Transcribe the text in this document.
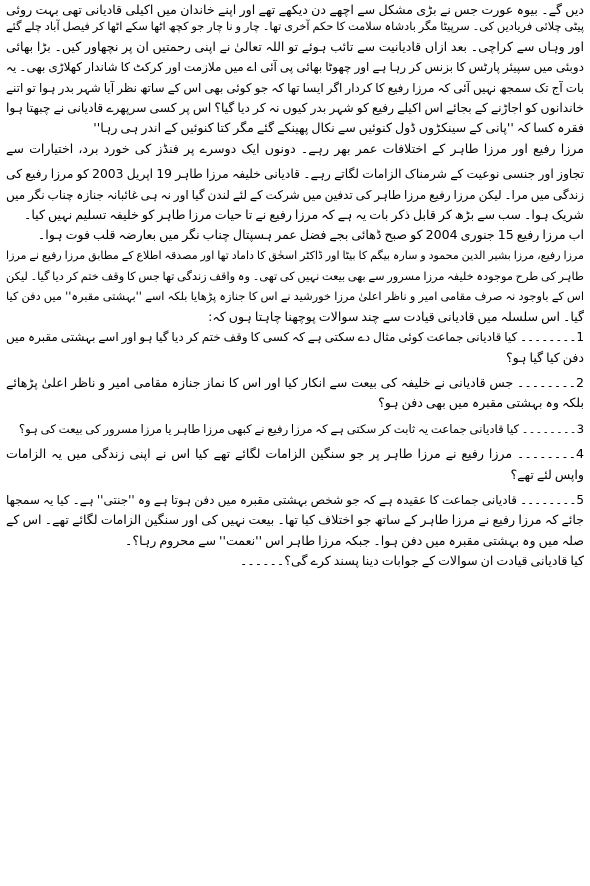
دیں گے۔ بیوہ عورت جس نے بڑی مشکل سے اچھے دن دیکھے تھے اور اپنے خاندان میں اکیلی قادیانی تھی بہت روئی
پیٹی چلائی فریادیں کی۔ سرپیٹا مگر بادشاہ سلامت کا حکم آخری تھا۔ چار و نا چار جو کچھ اٹھا سکے اٹھا کر فیصل آباد چلے گئے
اور وہاں سے کراچی۔ بعد ازاں قادیانیت سے تائب ہوئے تو اللہ تعالیٰ نے اپنی رحمتیں ان پر نچھاور کیں۔ بڑا بھائی
دوبئی میں سپیئر پارٹس کا بزنس کر رہا ہے اور چھوٹا بھائی پی آئی اے میں ملازمت اور کرکٹ کا شاندار کھلاڑی بھی۔ یہ
بات آج تک سمجھ نہیں آئی کہ مرزا رفیع کا کردار اگر ایسا تھا کہ جو کوئی بھی اس کے ساتھ نظر آیا شہر بدر ہوا تو اتنے
خاندانوں کو اجاڑنے کے بجائے اس اکیلے رفیع کو شہر بدر کیوں نہ کر دیا گیا؟ اس پر کسی سرپھرے قادیانی نے چبھتا ہوا
فقرہ کسا کہ ''پانی کے سینکڑوں ڈول کنوئیں سے نکال پھینکے گئے مگر کتا کنوئیں کے اندر ہی رہا''
مرزا رفیع اور مرزا طاہر کے اختلافات عمر بھر رہے۔ دونوں ایک دوسرے پر فنڈز کی خورد برد، اختیارات سے
تجاوز اور جنسی نوعیت کے شرمناک الزامات لگاتے رہے۔ قادیانی خلیفہ مرزا طاہر 19 اپریل 2003 کو مرزا رفیع کی
زندگی میں مرا۔ لیکن مرزا رفیع مرزا طاہر کی تدفین میں شرکت کے لئے لندن گیا اور نہ ہی غائبانہ جنازہ چناب نگر میں
شریک ہوا۔ سب سے بڑھ کر قابل ذکر بات یہ ہے کہ مرزا رفیع نے تا حیات مرزا طاہر کو خلیفہ تسلیم نہیں کیا۔
اب مرزا رفیع 15 جنوری 2004 کو صبح ڈھائی بجے فضل عمر ہسپتال چناب نگر میں بعارضہ قلب فوت ہوا۔
مرزا رفیع، مرزا بشیر الدین محمود و سارہ بیگم کا بیٹا اور ڈاکٹر اسحٰق کا داماد تھا اور مصدقہ اطلاع کے مطابق مرزا رفیع نے مرزا
طاہر کی طرح موجودہ خلیفہ مرزا مسرور سے بھی بیعت نہیں کی تھی۔ وہ واقف زندگی تھا جس کا وقف ختم کر دیا گیا۔ لیکن
اس کے باوجود نہ صرف مقامی امیر و ناظر اعلیٰ مرزا خورشید نے اس کا جنازہ پڑھایا بلکہ اسے ''بہشتی مقبرہ'' میں دفن کیا
گیا۔ اس سلسلہ میں قادیانی قیادت سے چند سوالات پوچھنا چاہتا ہوں کہ:
1۔۔۔۔۔۔۔۔ کیا قادیانی جماعت کوئی مثال دے سکتی ہے کہ کسی کا وقف ختم کر دیا گیا ہو اور اسے بہشتی مقبرہ میں
دفن کیا گیا ہو؟
2۔۔۔۔۔۔۔۔ جس قادیانی نے خلیفہ کی بیعت سے انکار کیا اور اس کا نماز جنازہ مقامی امیر و ناظر اعلیٰ پڑھائے
بلکہ وہ بہشتی مقبرہ میں بھی دفن ہو؟
3۔۔۔۔۔۔۔۔ کیا قادیانی جماعت یہ ثابت کر سکتی ہے کہ مرزا رفیع نے کبھی مرزا طاہر یا مرزا مسرور کی بیعت کی ہو؟
4۔۔۔۔۔۔۔۔ مرزا رفیع نے مرزا طاہر پر جو سنگین الزامات لگائے تھے کیا اس نے اپنی زندگی میں یہ الزامات
واپس لئے تھے؟
5۔۔۔۔۔۔۔۔ قادیانی جماعت کا عقیدہ ہے کہ جو شخص بہشتی مقبرہ میں دفن ہوتا ہے وہ ''جنتی'' ہے۔ کیا یہ سمجھا
جائے کہ مرزا رفیع نے مرزا طاہر کے ساتھ جو اختلاف کیا تھا۔ بیعت نہیں کی اور سنگین الزامات لگائے تھے۔ اس کے
صلہ میں وہ بہشتی مقبرہ میں دفن ہوا۔ جبکہ مرزا طاہر اس ''نعمت'' سے محروم رہا؟۔
کیا قادیانی قیادت ان سوالات کے جوابات دینا پسند کرے گی؟۔۔۔۔۔۔
